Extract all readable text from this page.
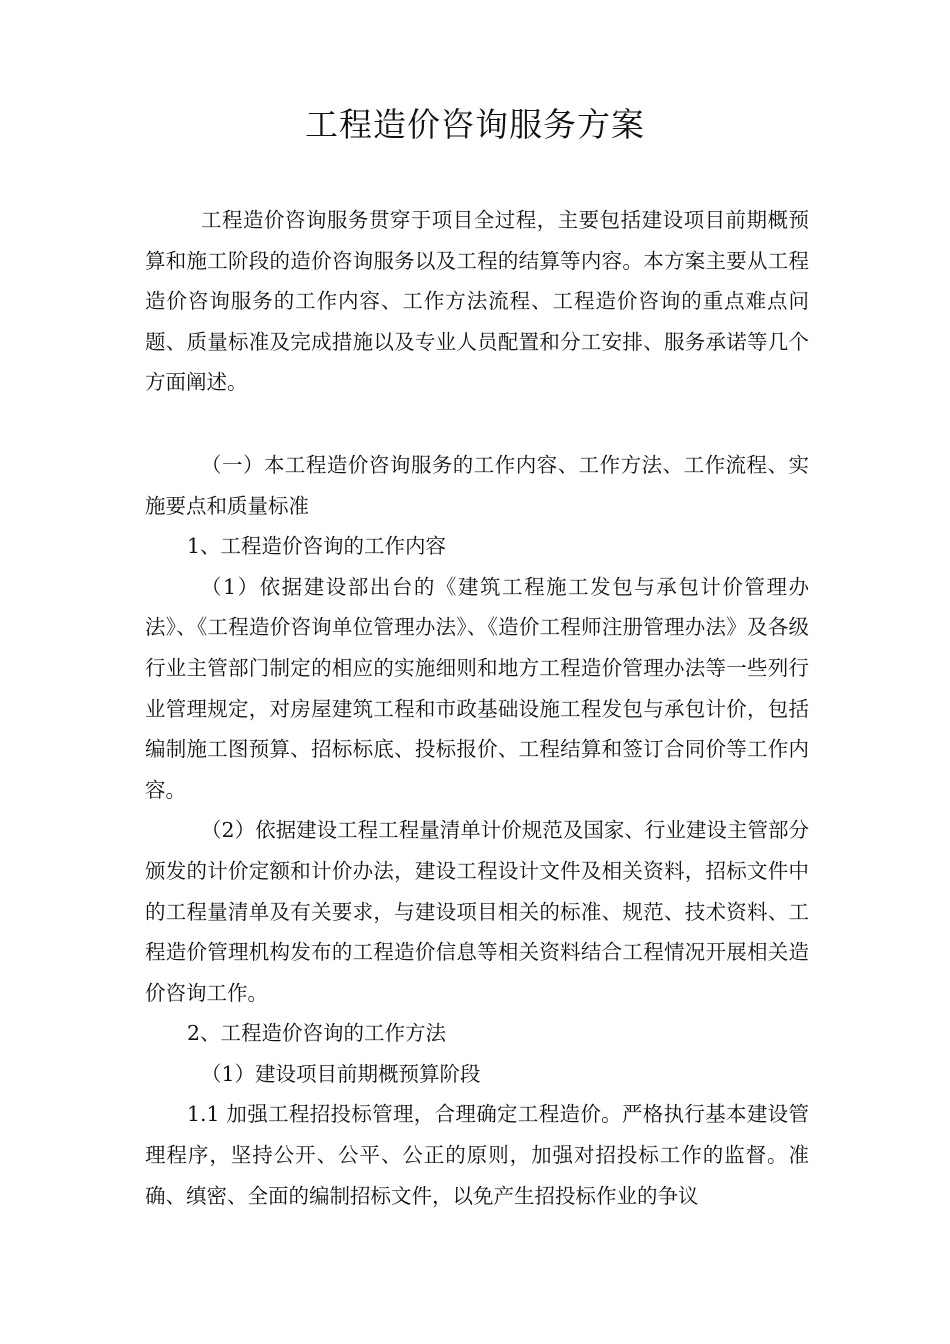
工程造价咨询服务方案

工程造价咨询服务贯穿于项目全过程，主要包括建设项目前期概预算和施工阶段的造价咨询服务以及工程的结算等内容。本方案主要从工程造价咨询服务的工作内容、工作方法流程、工程造价咨询的重点难点问题、质量标准及完成措施以及专业人员配置和分工安排、服务承诺等几个方面阐述。

（一）本工程造价咨询服务的工作内容、工作方法、工作流程、实施要点和质量标准

1、工程造价咨询的工作内容

（1）依据建设部出台的《建筑工程施工发包与承包计价管理办法》、《工程造价咨询单位管理办法》、《造价工程师注册管理办法》及各级行业主管部门制定的相应的实施细则和地方工程造价管理办法等一些列行业管理规定，对房屋建筑工程和市政基础设施工程发包与承包计价，包括编制施工图预算、招标标底、投标报价、工程结算和签订合同价等工作内容。

（2）依据建设工程工程量清单计价规范及国家、行业建设主管部分颁发的计价定额和计价办法，建设工程设计文件及相关资料，招标文件中的工程量清单及有关要求，与建设项目相关的标准、规范、技术资料、工程造价管理机构发布的工程造价信息等相关资料结合工程情况开展相关造价咨询工作。

2、工程造价咨询的工作方法

（1）建设项目前期概预算阶段

1.1 加强工程招投标管理，合理确定工程造价。严格执行基本建设管理程序，坚持公开、公平、公正的原则，加强对招投标工作的监督。准确、缜密、全面的编制招标文件，以免产生招投标作业的争议
